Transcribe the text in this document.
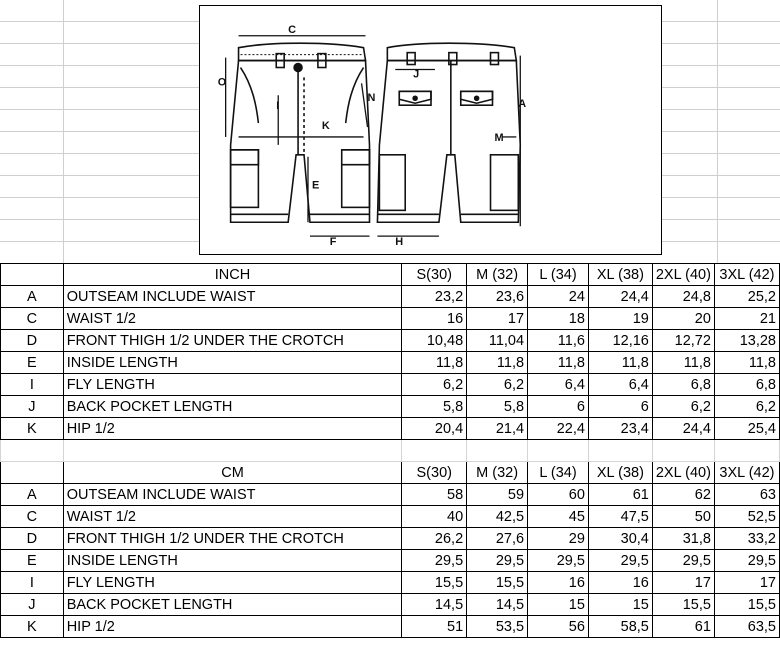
C
O
J
I
K
N	A
M
E
F	H
	INCH	S(30)	M (32)	L (34)	XL (38)	2XL (40)	3XL (42)
A	OUTSEAM INCLUDE WAIST	23,2	23,6	24	24,4	24,8	25,2
C	WAIST 1/2	16	17	18	19	20	21
D	FRONT THIGH 1/2 UNDER THE CROTCH	10,48	11,04	11,6	12,16	12,72	13,28
E	INSIDE LENGTH	11,8	11,8	11,8	11,8	11,8	11,8
I	FLY LENGTH	6,2	6,2	6,4	6,4	6,8	6,8
J	BACK POCKET LENGTH	5,8	5,8	6	6	6,2	6,2
K	HIP 1/2	20,4	21,4	22,4	23,4	24,4	25,4

	CM	S(30)	M (32)	L (34)	XL (38)	2XL (40)	3XL (42)
A	OUTSEAM INCLUDE WAIST	58	59	60	61	62	63
C	WAIST 1/2	40	42,5	45	47,5	50	52,5
D	FRONT THIGH 1/2 UNDER THE CROTCH	26,2	27,6	29	30,4	31,8	33,2
E	INSIDE LENGTH	29,5	29,5	29,5	29,5	29,5	29,5
I	FLY LENGTH	15,5	15,5	16	16	17	17
J	BACK POCKET LENGTH	14,5	14,5	15	15	15,5	15,5
K	HIP 1/2	51	53,5	56	58,5	61	63,5
